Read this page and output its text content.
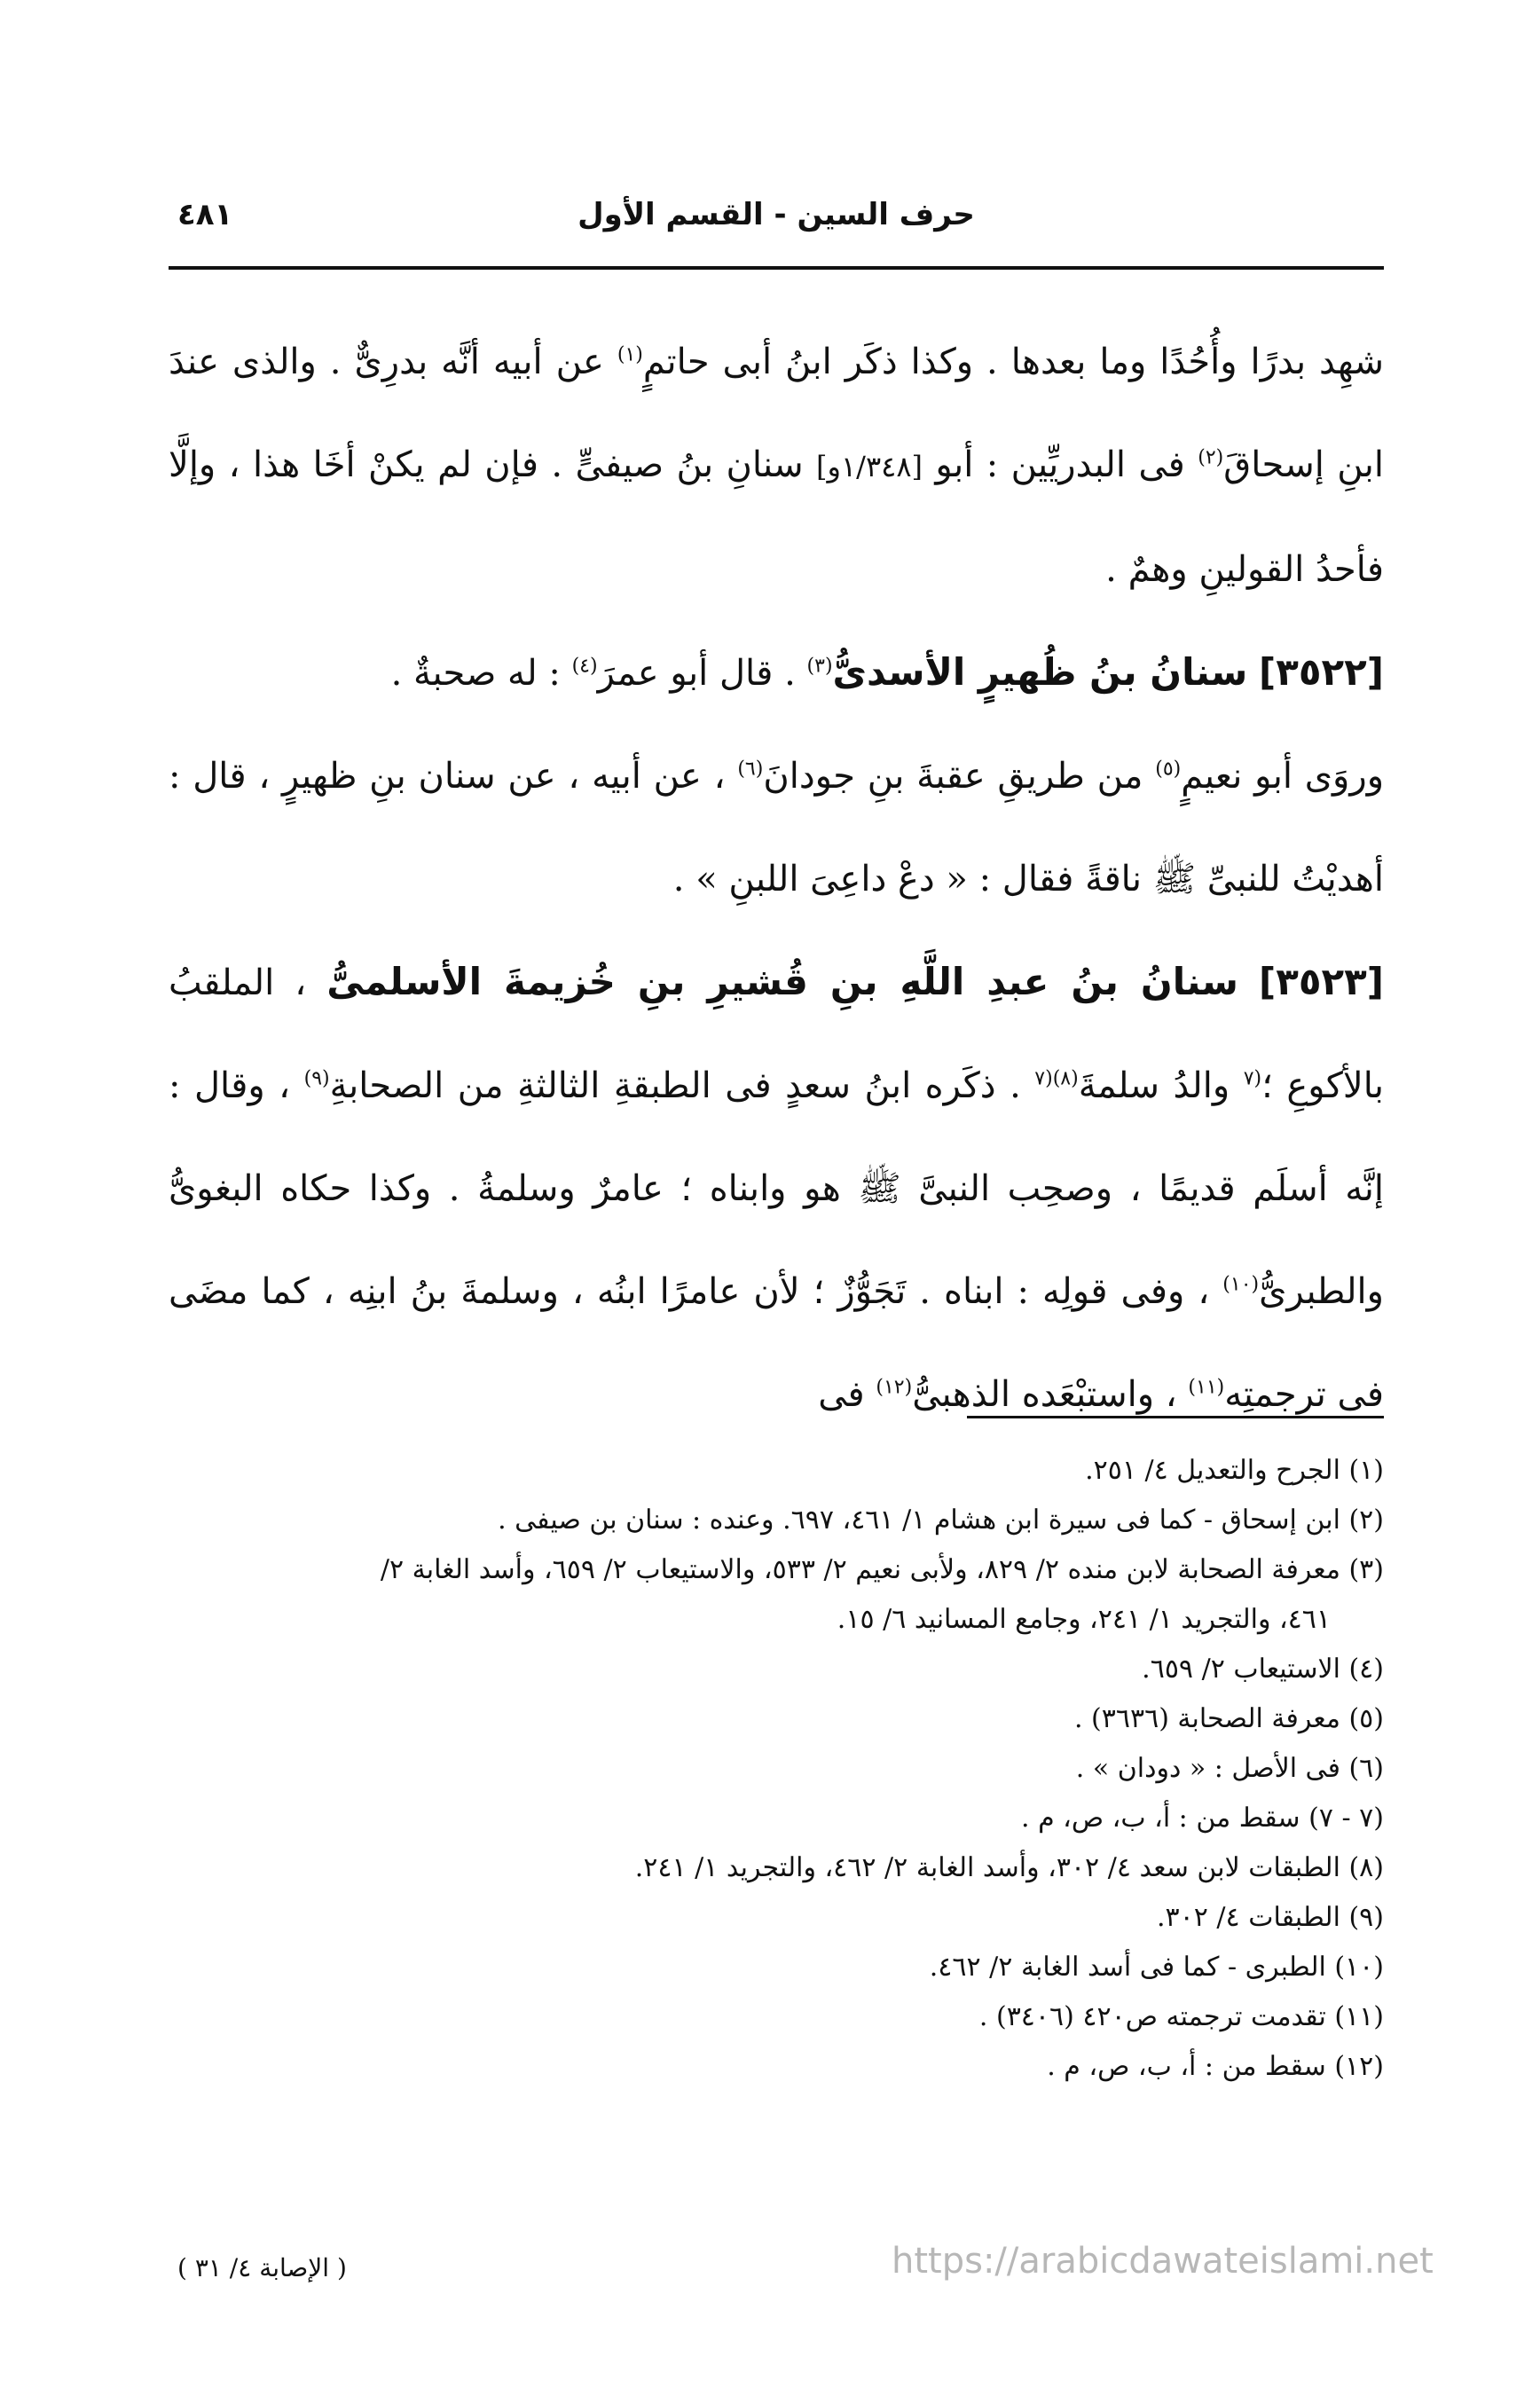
٤٨١	حرف السين - القسم الأول

شهِد بدرًا وأُحُدًا وما بعدها . وكذا ذكَر ابنُ أبى حاتمٍ$^{(١)}$ عن أبيه أنَّه بدرِىٌّ . والذى عندَ ابنِ إسحاقَ$^{(٢)}$ فى البدريِّين : أبو [١/٣٤٨و] سنانِ بنُ صيفىٍّ . فإن لم يكنْ أخَا هذا ، وإلَّا فأحدُ القولينِ وهمٌ .

[٣٥٢٢] سنانُ بنُ ظُهيرٍ الأسدىُّ$^{(٣)}$ . قال أبو عمرَ$^{(٤)}$ : له صحبةٌ .

وروَى أبو نعيمٍ$^{(٥)}$ من طريقِ عقبةَ بنِ جودانَ$^{(٦)}$ ، عن أبيه ، عن سنان بنِ ظهيرٍ ، قال : أهديْتُ للنبىِّ ﷺ ناقةً فقال : « دعْ داعِىَ اللبنِ » .

[٣٥٢٣] سنانُ بنُ عبدِ اللَّهِ بنِ قُشيرِ بنِ خُزيمةَ الأسلمىُّ ، الملقبُ بالأكوعِ ؛$^{(٧}$ والدُ سلمةَ$^{(٨)(٧}$ . ذكَره ابنُ سعدٍ فى الطبقةِ الثالثةِ من الصحابةِ$^{(٩)}$ ، وقال : إنَّه أسلَم قديمًا ، وصحِب النبىَّ ﷺ هو وابناه ؛ عامرٌ وسلمةُ . وكذا حكاه البغوىُّ والطبرىُّ$^{(١٠)}$ ، وفى قولِه : ابناه . تَجَوُّزٌ ؛ لأن عامرًا ابنُه ، وسلمةَ بنُ ابنِه ، كما مضَى فى ترجمتِه$^{(١١)}$ ، واستبْعَده الذهبىُّ$^{(١٢)}$ فى

(١) الجرح والتعديل ٤/ ٢٥١.

(٢) ابن إسحاق - كما فى سيرة ابن هشام ١/ ٤٦١، ٦٩٧. وعنده : سنان بن صيفى .

(٣) معرفة الصحابة لابن منده ٢/ ٨٢٩، ولأبى نعيم ٢/ ٥٣٣، والاستيعاب ٢/ ٦٥٩، وأسد الغابة ٢/

٤٦١، والتجريد ١/ ٢٤١، وجامع المسانيد ٦/ ١٥.

(٤) الاستيعاب ٢/ ٦٥٩.

(٥) معرفة الصحابة (٣٦٣٦) .

(٦) فى الأصل : « دودان » .

(٧ - ٧) سقط من : أ، ب، ص، م .

(٨) الطبقات لابن سعد ٤/ ٣٠٢، وأسد الغابة ٢/ ٤٦٢، والتجريد ١/ ٢٤١.

(٩) الطبقات ٤/ ٣٠٢.

(١٠) الطبرى - كما فى أسد الغابة ٢/ ٤٦٢.

(١١) تقدمت ترجمته ص٤٢٠ (٣٤٠٦) .

(١٢) سقط من : أ، ب، ص، م .

( الإصابة ٤/ ٣١ )	https://arabicdawateislami.net
